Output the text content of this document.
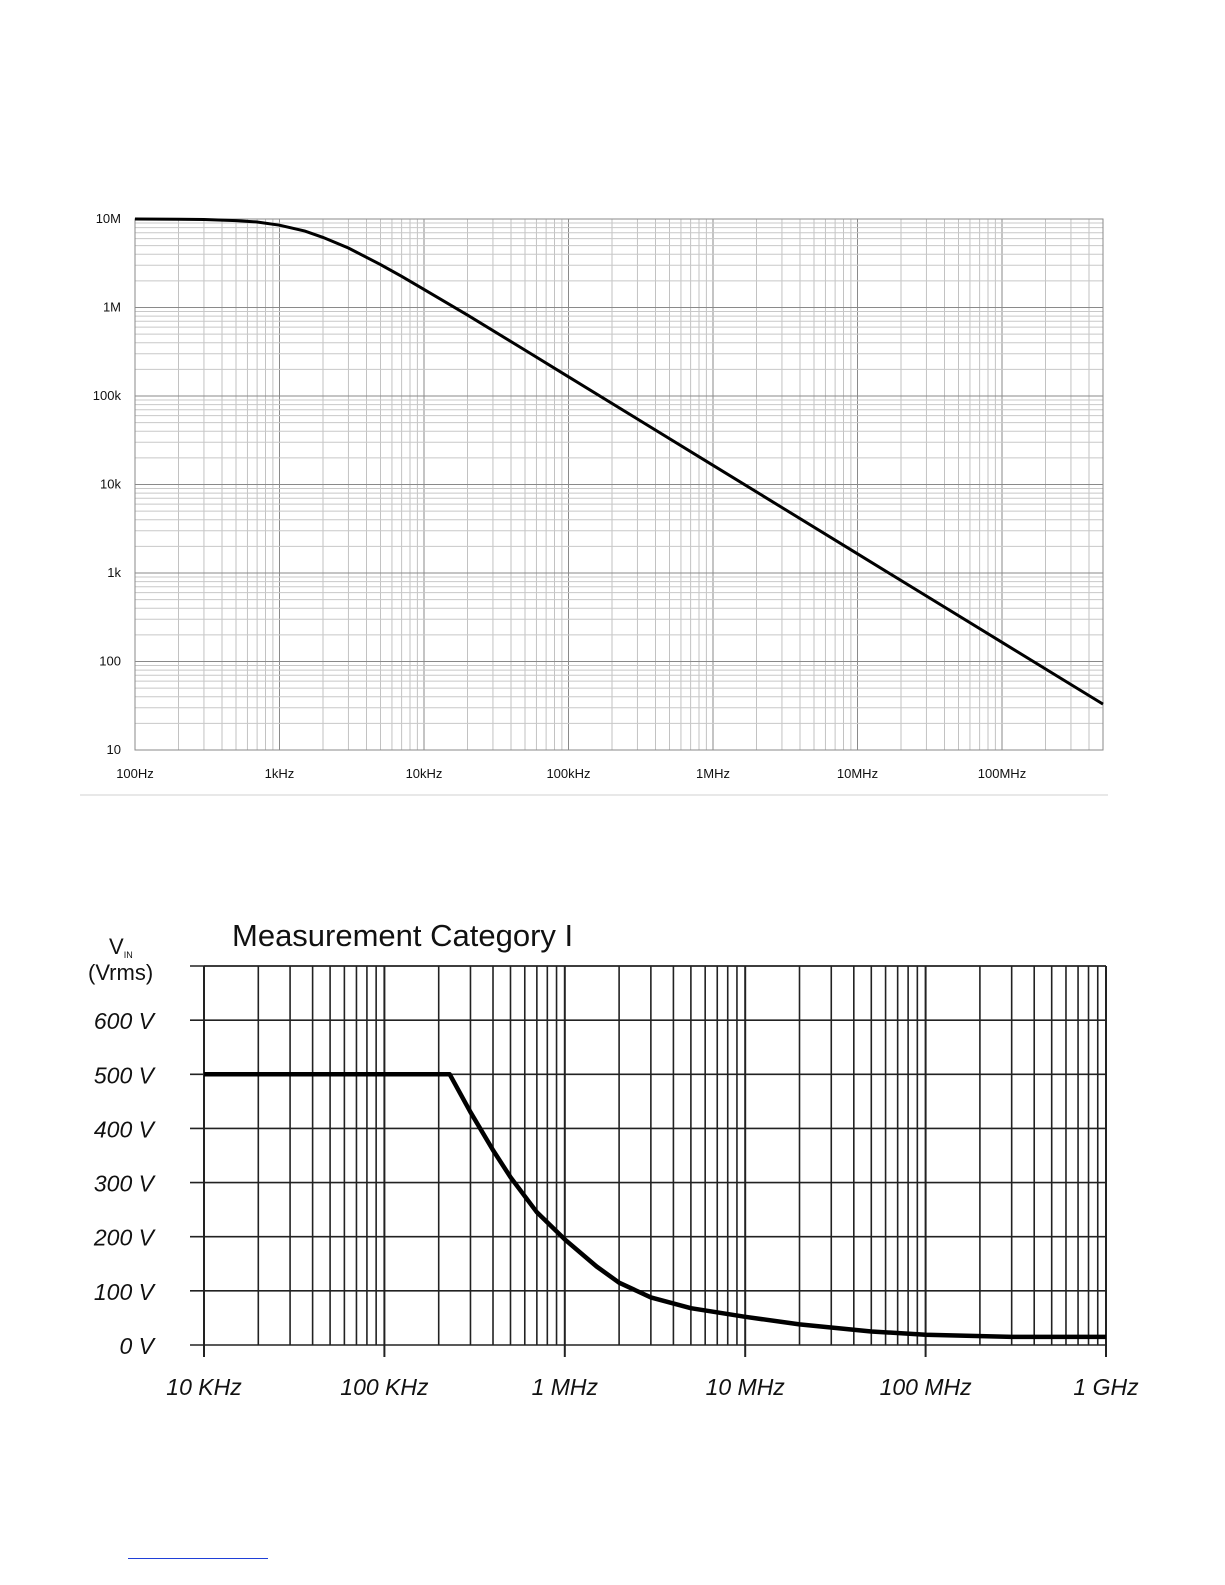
10M
1M
100k
10k
1k
100
10
100Hz	1kHz	10kHz	100kHz	1MHz	10MHz	100MHz
Measurement Category I
VIN
(Vrms)
600 V
500 V
400 V
300 V
200 V
100 V
0 V
10 KHz	100 KHz	1 MHz	10 MHz	100 MHz	1 GHz
